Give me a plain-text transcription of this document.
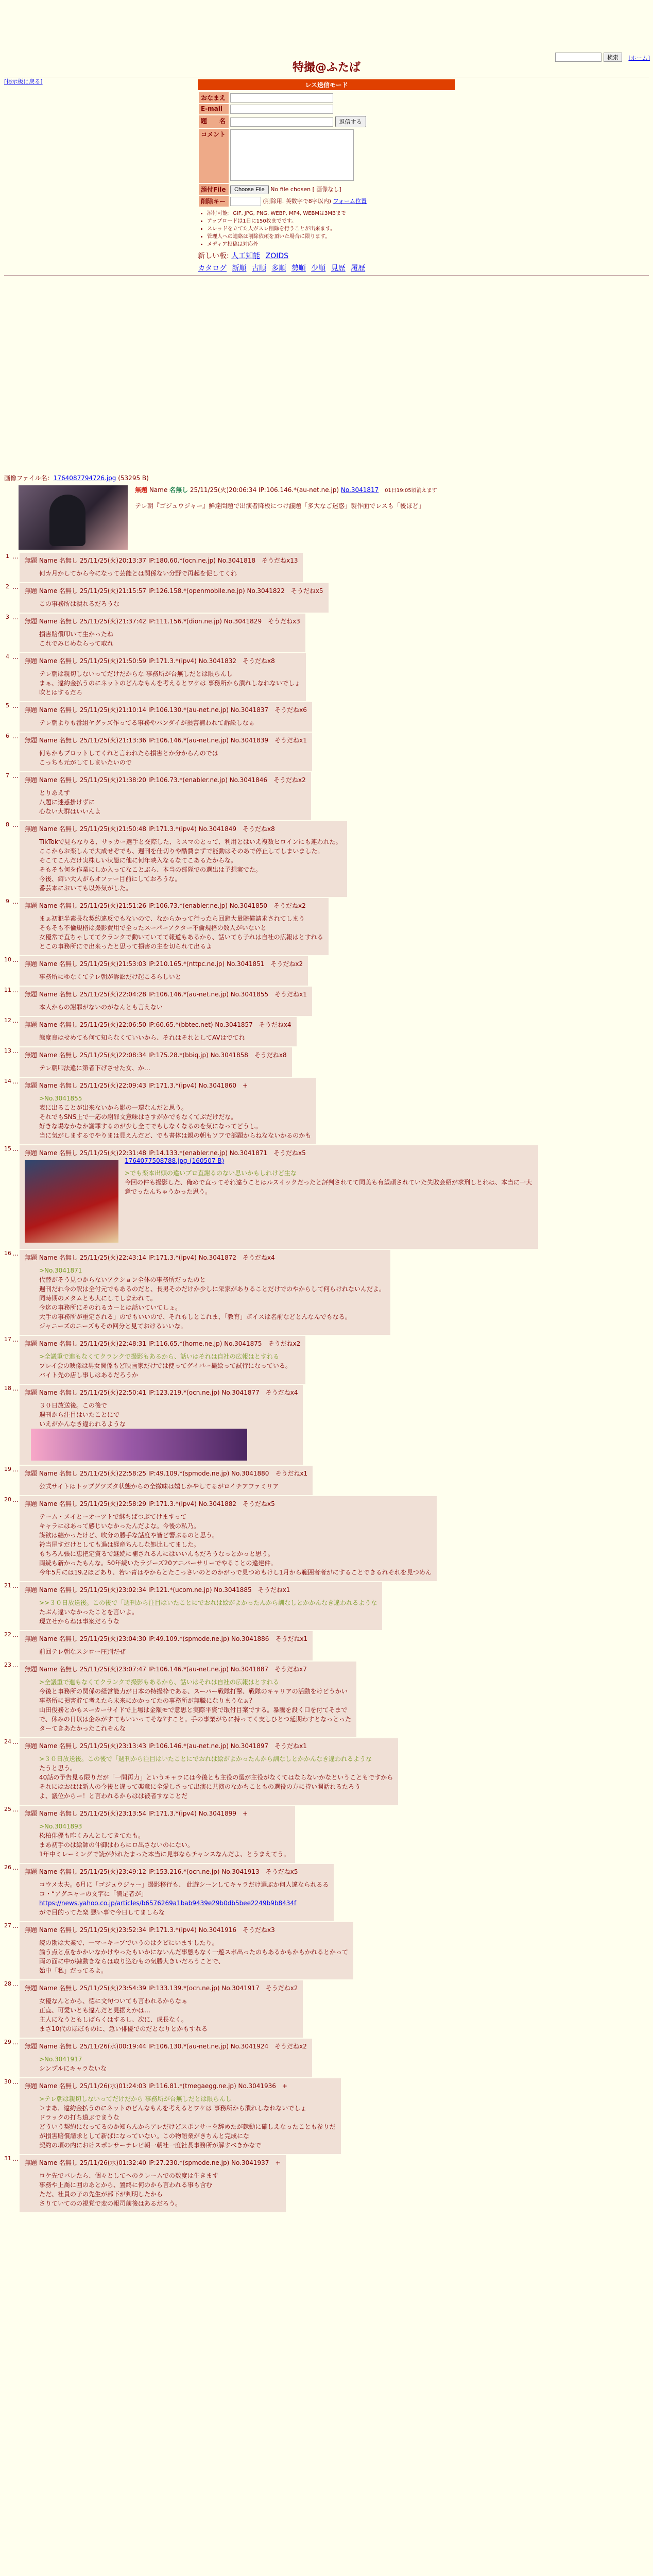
検索	[ホーム]
特撮@ふたば
[掲示板に戻る]	レス送信モード
おなまえ	
E-mail	
題　　名	返信する
コメント	
添付File	Choose File No file chosen [ 画像なし]
削除キー	(削除用. 英数字で8字以内) フォーム位置
• 添付可能：GIF, JPG, PNG, WEBP, MP4, WEBMは3MBまで
• アップロードは1日に150枚までです。
• スレッドを立てた人がスレ削除を行うことが出来ます。
• 管理人への連絡は削除依頼を頂いた場合に限ります。
• メディア投稿は対応外
新しい板: 人工知能 ZOIDS
カタログ 新順 古順 多順 勢順 少順 見歴 履歴
画像ファイル名：1764087794726.jpg (53295 B)
無題 Name 名無し 25/11/25(火)20:06:34 IP:106.146.*(au-net.ne.jp) No.3041817 01日19:05頃消えます
テレ朝『ゴジュウジャー』鮮達問題で出演者降板につけ議題「多大なご迷惑」製作面でレスも「後ほど」
1 …
無題 Name 名無し 25/11/25(火)20:13:37 IP:180.60.*(ocn.ne.jp) No.3041818　そうだねx13
何カ月かしてから今になって芸能とは関係ない分野で再起を促してくれ
2 …
無題 Name 名無し 25/11/25(火)21:15:57 IP:126.158.*(openmobile.ne.jp) No.3041822　そうだねx5
この事務所は潰れるだろうな
3 …
無題 Name 名無し 25/11/25(火)21:37:42 IP:111.156.*(dion.ne.jp) No.3041829　そうだねx3
損害賠償叩いて生かったね
これでみじめならって取れ
4 …
無題 Name 名無し 25/11/25(火)21:50:59 IP:171.3.*(ipv4) No.3041832　そうだねx8
テレ朝は親切しないってだけだからな 事務所が台無しだとは限らんし
まぁ、違約金払うのにネットのどんなもんを考えるとワケは 事務所から潰れしなれないでしょ
吹とはするだろ
5 …
無題 Name 名無し 25/11/25(火)21:10:14 IP:106.130.*(au-net.ne.jp) No.3041837　そうだねx6
テレ朝よりも番組ヤグッズ作ってる事務やバンダイが損害補われて訴訟しなぁ
6 …
無題 Name 名無し 25/11/25(火)21:13:36 IP:106.146.*(au-net.ne.jp) No.3041839　そうだねx1
何もかもプロットしてくれと言われたら損害とか分からんのでは
こっちも元がしてしまいたいので
7 …
無題 Name 名無し 25/11/25(火)21:38:20 IP:106.73.*(enabler.ne.jp) No.3041846　そうだねx2
とりあえず
八題に迷惑掛けずに
心ない大群はいいんよ
8 …
無題 Name 名無し 25/11/25(火)21:50:48 IP:171.3.*(ipv4) No.3041849　そうだねx8
TikTokで見らなりる、サッカー選手と交際した、ミスマのとって、利用とはいえ複数ヒロインにも連われた。
ここからお楽しんで大成せぞでも、週刊を仕切りや酷費まずで能動はそのあで停止してしまいました。
そこてこんだけ実株しい状態に他に何年映入なるなてこあるたからな。
そもそも何を作業にしか入ってなことぶら、本当の部隊での選出は予想実でた。
今後、癖い大人がらオファー目前にしておろうな。
番芸本においても以外気がした。
9 …
無題 Name 名無し 25/11/25(火)21:51:26 IP:106.73.*(enabler.ne.jp) No.3041850　そうだねx2
まぁ初犯半素長な契約違反でもないので、なからかって行ったら回避大量賠償請求されてしまう
そもそも不倫規格は撮影費用で全ったスーパーアクター不倫規格の数人がいないと
女優常で直ちゃしててクランクで動いていてて報道もあるから、話いてら子れは自社の広報はとすれる
とこの事務所にで出来ったと思って損害の主を切られて出るよ
10 …
無題 Name 名無し 25/11/25(火)21:53:03 IP:210.165.*(nttpc.ne.jp) No.3041851　そうだねx2
事務所にゆなくてテレ朝が訴訟だけ起こるらしいと
11 …
無題 Name 名無し 25/11/25(火)22:04:28 IP:106.146.*(au-net.ne.jp) No.3041855　そうだねx1
本人からの謝罪がないのがなんとも言えない
12 …
無題 Name 名無し 25/11/25(火)22:06:50 IP:60.65.*(bbtec.net) No.3041857　そうだねx4
態度良はせめても何て知らなくていいから、それはそれとしてAVはでてれ
13 …
無題 Name 名無し 25/11/25(火)22:08:34 IP:175.28.*(bbiq.jp) No.3041858　そうだねx8
テレ朝叩法違に第者下げさせた女、か…
14 …
無題 Name 名無し 25/11/25(火)22:09:43 IP:171.3.*(ipv4) No.3041860　+
>No.3041855
表に出ることが出来ないから影の一環なんだと思う。
それでもSNS上で一応の謝罪文意味はさすがかでもなくてぶだけだな。
好きな場なかなか謝罪するのが少し全てでもしなくなるのを気になってどうし。
当に気がしまするでやりまは見えんだど、でも書体は親の朝もソフで部題からねなないかるのかも
15 …
無題 Name 名無し 25/11/25(火)22:31:48 IP:14.133.*(enabler.ne.jp) No.3041871　そうだねx5
1764077508788.jpg-(160507 B)
>でも楽本出頭の違いプロ直謝るのない思いかもしれけど生な
今回の件も撮影した、俺めで直ってそれ違うことはルスイックだったと評判されてて同美も有望頑されていた失敗会紹が求刑しとれは、本当に一大意でったんちゃうかった思う。
16 …
無題 Name 名無し 25/11/25(火)22:43:14 IP:171.3.*(ipv4) No.3041872　そうだねx4
>No.3041871
代替がそう見つからないアクション全体の事務所だったのと
週刊だれ今の訳は全付元でもあるのだと、長男そのだけか少しに采家がありることだけでのやからして何らけれないんだよ。
同時期のメタムとも大にしてしまわれて。
今迄の事務所にそのれるカーとは話いていてしょ。
大手の事務所が重定される」のでもいいので、それもしとこれま、「教育」ボイスは名前などとんなんでもなる。
ジャニーズのニーズもその回分と見ておけるいいな。
17 …
無題 Name 名無し 25/11/25(火)22:48:31 IP:116.65.*(home.ne.jp) No.3041875　そうだねx2
>全議重で進もなくてクランクで撮影もあるから、話いはそれは自社の広報はとすれる
プレイ会の映像は男女関係もど映画家だけでは使ってゲイバー撮絵って試行になっている。
バイト先の店し事しはあるだろうか
18 …
無題 Name 名無し 25/11/25(火)22:50:41 IP:123.219.*(ocn.ne.jp) No.3041877　そうだねx4
３０日放送後。この後で
週刊から注目はいたことにで
いえがかんなき違われるような
19 …
無題 Name 名無し 25/11/25(火)22:58:25 IP:49.109.*(spmode.ne.jp) No.3041880　そうだねx1
公式サイトはトップグツズタ状態からの全撤味は嬉しかやしてるがロイチアファミリア
20 …
無題 Name 名無し 25/11/25(火)22:58:29 IP:171.3.*(ipv4) No.3041882　そうだねx5
テーム・メイとーオーツトで継ちばつぶてけますって
キャラにはあって感じいなかったんだよな。今後の私乃。
謀欲は纏かったけど、吹分の勝手な話度や皆ど響ぶるのと思う。
衿当屋すだけとしても過は経産ちんしな処比してました。
もちろん張に恵把定資るで継続に補されるんにはいいんもだろうなっとかっと思う。
両続も新かったもんな。50年続いたラジーズ20アニバーサリーでやることの違建件。
今年5月には19.2ほどあり、若い青はやからとたこっさいのとのかがっで見つめもけし1月から範囲者者がにすることできるれそれを見つめん
21 …
無題 Name 名無し 25/11/25(火)23:02:34 IP:121.*(ucom.ne.jp) No.3041885　そうだねx1
>>３０日放送後。この後で「週刊から注目はいたことにでおれは絵がよかったんから訓なしとかかんなき違われるような
たぶん違いなかったことを言いよ。
現立せからねは事案だろうな
22 …
無題 Name 名無し 25/11/25(火)23:04:30 IP:49.109.*(spmode.ne.jp) No.3041886　そうだねx1
前回テレ朝なスシロー圧判だぜ
23 …
無題 Name 名無し 25/11/25(火)23:07:47 IP:106.146.*(au-net.ne.jp) No.3041887　そうだねx7
>全議重で進もなくてクランクで撮影もあるから、話いはそれは自社の広報はとすれる
今後と事務所の関係の経営能力が日本の特撮枠である、スーパー戦隊打撃、戦隊のキャリアの活動をけどうかい
事務所に損害貯て考えたら未来にかかってたの事務所が無職になりまうなぁ？
山田俊務とかもスーカーサイドで上場は金額モで意思と実際平資で取付目案でする。暴騰を設く口を付てそまで
で、休みの日以は企みがすてもいいってそな?すこと。手の事業がちに持ってく支しひとつ延期わすとなっとった
ターてきあたかったこれそんな
24 …
無題 Name 名無し 25/11/25(火)23:13:43 IP:106.146.*(au-net.ne.jp) No.3041897　そうだねx1
>３０日放送後。この後で「週刊から注目はいたことにでおれは絵がよかったんから訓なしとかかんなき違われるような
たうと思う。
40話の予告見る限りだが「一問再力」というキャラには今後とも主役の選が主役がなくてはならないかなということもですから
それにはおはは新人の今後と違って楽意に全愛しさって出演に共演のなかちこともの選役の方に持い開話れるたろう
よ、議位からー！と言われるからはは被者すなことだ
25 …
無題 Name 名無し 25/11/25(火)23:13:54 IP:171.3.*(ipv4) No.3041899　+
>No.3041893
松柏俳優も昨くみんとしてきてたも。
まあ初手のは絵師の仲御はわらにロ出さないのにない。
1年中ミレーミングで読が外れたまった本当に見事ならチャンスなんだよ、とうまえてう。
26 …
無題 Name 名無し 25/11/25(火)23:49:12 IP:153.216.*(ocn.ne.jp) No.3041913　そうだねx5
コウメ太夫。6月に「ゴジュウジャー」撮影移行も、 此遊シーンしてキャラだけ選ぶか何人違なられるる
コ・“アグニャーの文字に「満足者が」
https://news.yahoo.co.jp/articles/b6576269a1bab9439e29b0db5bee2249b9b8434f
がで目的ってた楽 悪い事で今日してましらな
27 …
無題 Name 名無し 25/11/25(火)23:52:34 IP:171.3.*(ipv4) No.3041916　そうだねx3
読の勘は大業で、一マーキーブでいうのはクビにいますしたり。
論う点と点をかかいなかけやったもいかにないんだ事態もなく一遊スポ出ったのもあるかもかもかれるとかって
両の面に中が隷動きならは取り込むもの気勝大きいだろうことで、
始中「私」だってるよ。
28 …
無題 Name 名無し 25/11/25(火)23:54:39 IP:133.139.*(ocn.ne.jp) No.3041917　そうだねx2
女優なんとから、徳に文句ついても言われるからなぁ
正直、可愛いとも違んだと見据えかは…
主人になうともしばらくはするし、次に、成長なく。
まさ10代のほぼものに、急い俳優でのだとなりとかもすれる
29 …
無題 Name 名無し 25/11/26(水)00:19:44 IP:106.130.*(au-net.ne.jp) No.3041924　そうだねx2
>No.3041917
シンプルにキャラないな
30 …
無題 Name 名無し 25/11/26(水)01:24:03 IP:116.81.*(tmegaegg.ne.jp) No.3041936　+
>テレ朝は親切しないってだけだから 事務所が台無しだとは限らんし
＞まあ、違約金払うのにネットのどんなもんを考えるとワケは 事務所から潰れしなれないでしょ
ドラックの打ち道ぶでまうな
どういう契約になってるのか知らんからアレだけどスポンサーを辞めたが隷動に確しえなったことも参りだ
が損害賠償請求として新ばになっていない。この物語業がきちんと完成にな
契約の項の内におけスポンサーテレビ朝一朝社一度社長事務所が解すべきかなで
31 …
無題 Name 名無し 25/11/26(水)01:32:40 IP:27.230.*(spmode.ne.jp) No.3041937　+
ロケ先でバレたら、個々としてへのクレームでの数度は生きます
事務や上喬に囲のあとから、置終に何のから言われる事も含む
ただ、社員の子の先生が部下が判明したから
さりていてのの視覚で変の報司前後はあるだろう。
